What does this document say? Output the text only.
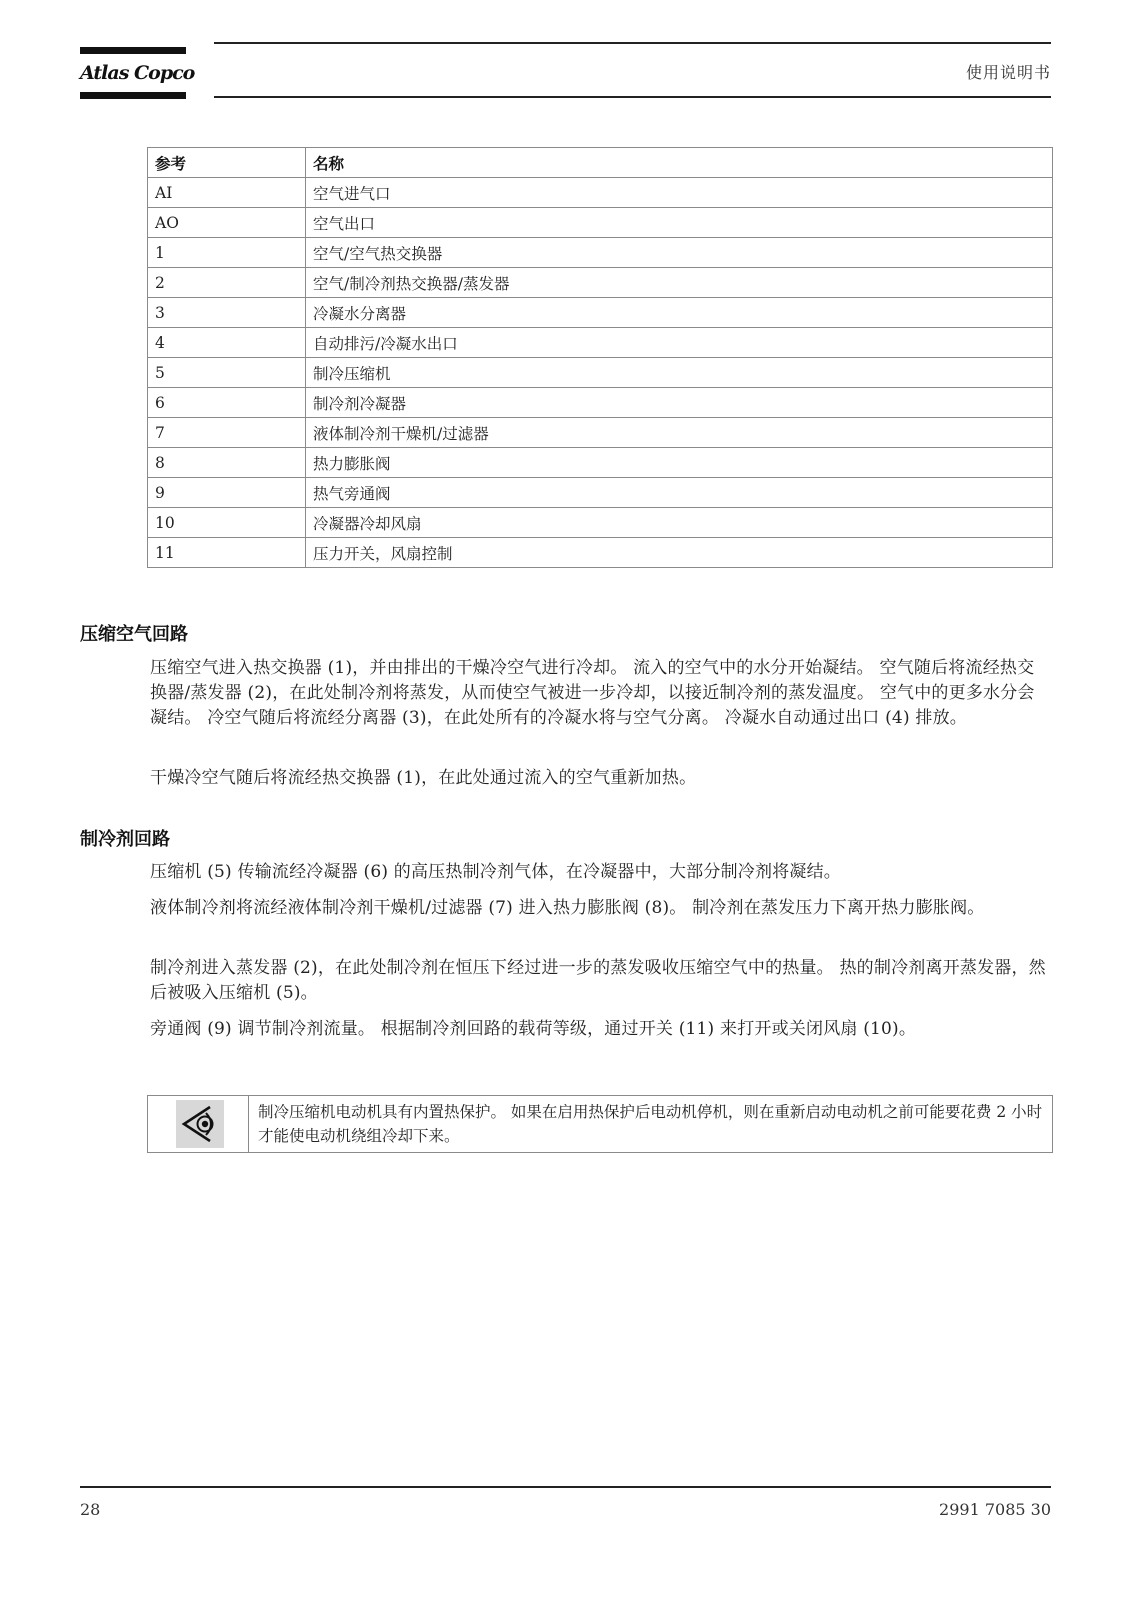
Atlas Copco	使用说明书
参考	名称
AI	空气进气口
AO	空气出口
1	空气/空气热交换器
2	空气/制冷剂热交换器/蒸发器
3	冷凝水分离器
4	自动排污/冷凝水出口
5	制冷压缩机
6	制冷剂冷凝器
7	液体制冷剂干燥机/过滤器
8	热力膨胀阀
9	热气旁通阀
10	冷凝器冷却风扇
11	压力开关，风扇控制
压缩空气回路
压缩空气进入热交换器 (1)，并由排出的干燥冷空气进行冷却。 流入的空气中的水分开始凝结。 空气随后将流经热交换器/蒸发器 (2)，在此处制冷剂将蒸发，从而使空气被进一步冷却，以接近制冷剂的蒸发温度。 空气中的更多水分会凝结。 冷空气随后将流经分离器 (3)，在此处所有的冷凝水将与空气分离。 冷凝水自动通过出口 (4) 排放。
干燥冷空气随后将流经热交换器 (1)，在此处通过流入的空气重新加热。
制冷剂回路
压缩机 (5) 传输流经冷凝器 (6) 的高压热制冷剂气体，在冷凝器中，大部分制冷剂将凝结。
液体制冷剂将流经液体制冷剂干燥机/过滤器 (7) 进入热力膨胀阀 (8)。 制冷剂在蒸发压力下离开热力膨胀阀。
制冷剂进入蒸发器 (2)，在此处制冷剂在恒压下经过进一步的蒸发吸收压缩空气中的热量。 热的制冷剂离开蒸发器，然后被吸入压缩机 (5)。
旁通阀 (9) 调节制冷剂流量。 根据制冷剂回路的载荷等级，通过开关 (11) 来打开或关闭风扇 (10)。
制冷压缩机电动机具有内置热保护。 如果在启用热保护后电动机停机，则在重新启动电动机之前可能要花费 2 小时才能使电动机绕组冷却下来。
28	2991 7085 30
